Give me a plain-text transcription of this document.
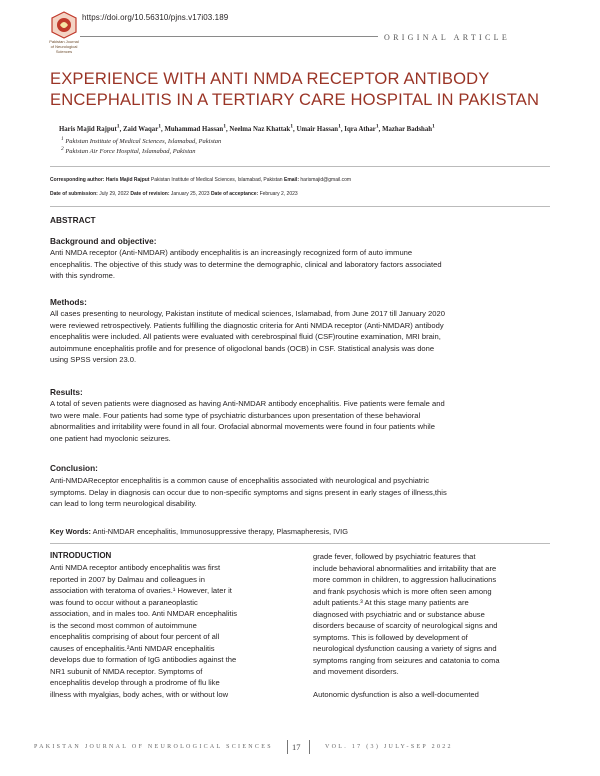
Pakistan Journal of Neurological Sciences
https://doi.org/10.56310/pjns.v17i03.189
ORIGINAL ARTICLE
EXPERIENCE WITH ANTI NMDA RECEPTOR ANTIBODY ENCEPHALITIS IN A TERTIARY CARE HOSPITAL IN PAKISTAN
Haris Majid Rajput$^1$, Zaid Waqar$^1$, Muhammad Hassan$^1$, Neelma Naz Khattak$^1$, Umair Hassan$^1$, Iqra Athar$^1$, Mazhar Badshah$^1$
$^1$ Pakistan Institute of Medical Sciences, Islamabad, Pakistan
$^2$ Pakistan Air Force Hospital, Islamabad, Pakistan
Corresponding author: Haris Majid Rajput Pakistan Institute of Medical Sciences, Islamabad, Pakistan Email: harismajid@gmail.com
Date of submission: July 29, 2022 Date of revision: January 25, 2023 Date of acceptance: February 2, 2023
ABSTRACT
Background and objective:
Anti NMDA receptor (Anti-NMDAR) antibody encephalitis is an increasingly recognized form of auto immune
encephalitis. The objective of this study was to determine the demographic, clinical and laboratory factors associated
with this syndrome.
Methods:
All cases presenting to neurology, Pakistan institute of medical sciences, Islamabad, from June 2017 till January 2020
were reviewed retrospectively. Patients fulfilling the diagnostic criteria for Anti NMDA receptor (Anti-NMDAR) antibody
encephalitis were included. All patients were evaluated with cerebrospinal fluid (CSF)routine examination, MRI brain,
autoimmune encephalitis profile and for presence of oligoclonal bands (OCB) in CSF. Statistical analysis was done
using SPSS version 23.0.
Results:
A total of seven patients were diagnosed as having Anti-NMDAR antibody encephalitis. Five patients were female and
two were male. Four patients had some type of psychiatric disturbances upon presentation of these behavioral
abnormalities and irritability were found in all four. Orofacial abnormal movements were found in four patients while
one patient had myoclonic seizures.
Conclusion:
Anti-NMDAReceptor encephalitis is a common cause of encephalitis associated with neurological and psychiatric
symptoms. Delay in diagnosis can occur due to non-specific symptoms and signs present in early stages of illness,this
can lead to long term neurological disability.
Key Words: Anti-NMDAR encephalitis, Immunosuppressive therapy, Plasmapheresis, IVIG
INTRODUCTION
Anti NMDA receptor antibody encephalitis was first
reported in 2007 by Dalmau and colleagues in
association with teratoma of ovaries.¹ However, later it
was found to occur without a paraneoplastic
association, and in males too. Anti NMDAR encephalitis
is the second most common of autoimmune
encephalitis comprising of about four percent of all
causes of encephalitis.²Anti NMDAR encephalitis
develops due to formation of IgG antibodies against the
NR1 subunit of NMDA receptor. Symptoms of
encephalitis develop through a prodrome of flu like
illness with myalgias, body aches, with or without low
grade fever, followed by psychiatric features that
include behavioral abnormalities and irritability that are
more common in children, to aggression hallucinations
and frank psychosis which is more often seen among
adult patients.³ At this stage many patients are
diagnosed with psychiatric and or substance abuse
disorders because of scarcity of neurological signs and
symptoms. This is followed by development of
neurological dysfunction causing a variety of signs and
symptoms ranging from seizures and catatonia to coma
and movement disorders.
Autonomic dysfunction is also a well-documented
PAKISTAN JOURNAL OF NEUROLOGICAL SCIENCES 17	VOL. 17 (3) JULY-SEP 2022
